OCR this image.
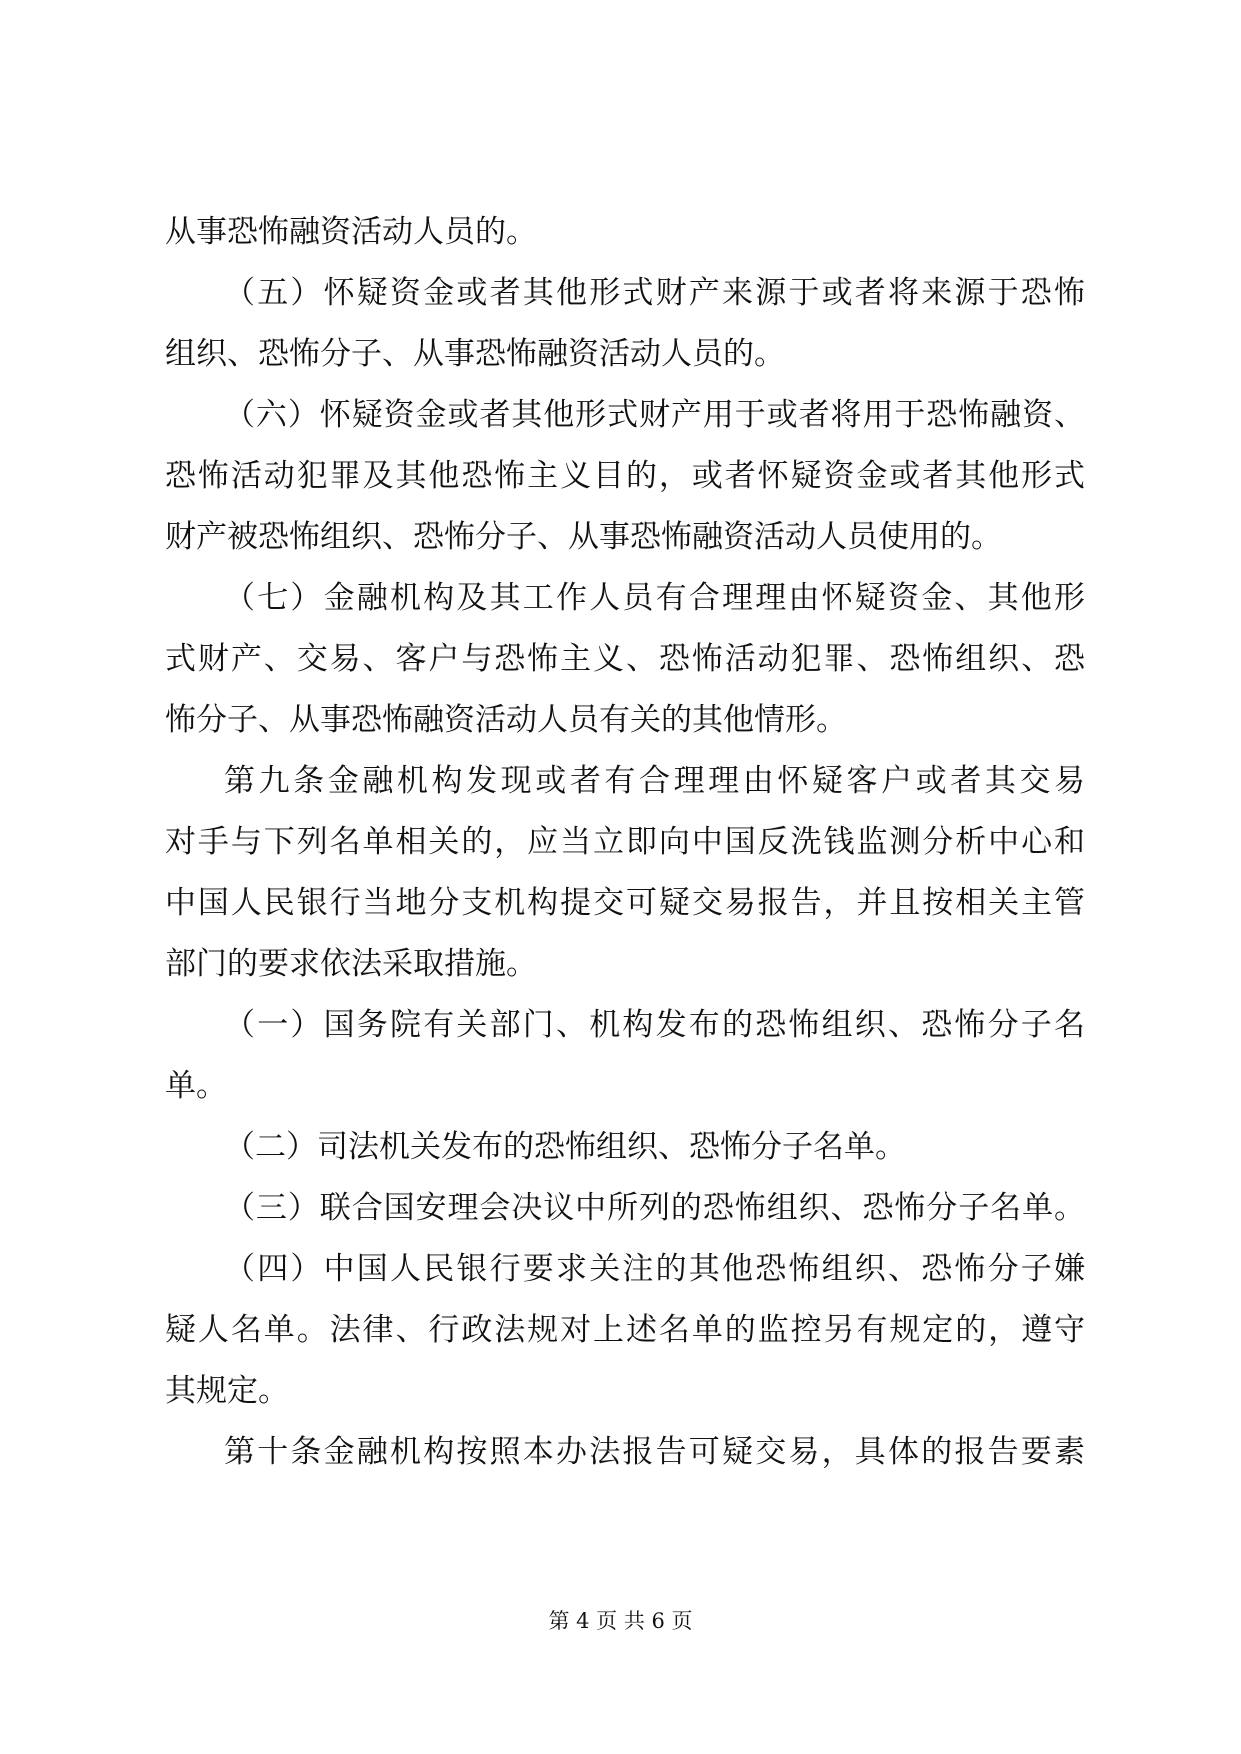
从事恐怖融资活动人员的。
（五）怀疑资金或者其他形式财产来源于或者将来源于恐怖
组织、恐怖分子、从事恐怖融资活动人员的。
（六）怀疑资金或者其他形式财产用于或者将用于恐怖融资、
恐怖活动犯罪及其他恐怖主义目的，或者怀疑资金或者其他形式
财产被恐怖组织、恐怖分子、从事恐怖融资活动人员使用的。
（七）金融机构及其工作人员有合理理由怀疑资金、其他形
式财产、交易、客户与恐怖主义、恐怖活动犯罪、恐怖组织、恐
怖分子、从事恐怖融资活动人员有关的其他情形。
第九条金融机构发现或者有合理理由怀疑客户或者其交易
对手与下列名单相关的，应当立即向中国反洗钱监测分析中心和
中国人民银行当地分支机构提交可疑交易报告，并且按相关主管
部门的要求依法采取措施。
（一）国务院有关部门、机构发布的恐怖组织、恐怖分子名
单。
（二）司法机关发布的恐怖组织、恐怖分子名单。
（三）联合国安理会决议中所列的恐怖组织、恐怖分子名单。
（四）中国人民银行要求关注的其他恐怖组织、恐怖分子嫌
疑人名单。法律、行政法规对上述名单的监控另有规定的，遵守
其规定。
第十条金融机构按照本办法报告可疑交易，具体的报告要素
第 4 页 共 6 页
